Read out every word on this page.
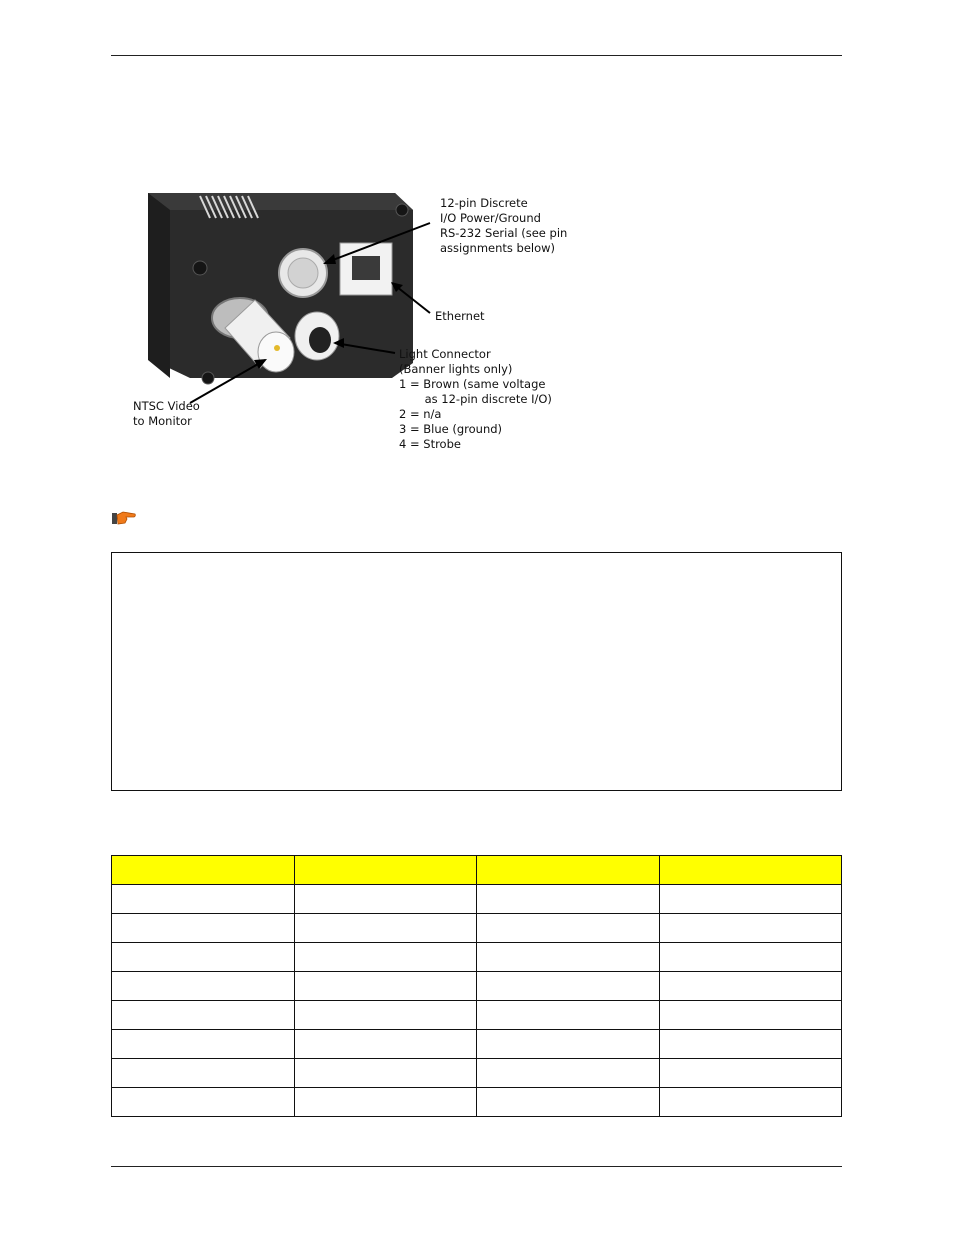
12-pin Discrete
I/O Power/Ground
RS-232 Serial (see pin
assignments below)

Ethernet

Light Connector
(Banner lights only)
1 = Brown (same voltage
as 12-pin discrete I/O)
2 = n/a
3 = Blue (ground)
4 = Strobe

NTSC Video
to Monitor
